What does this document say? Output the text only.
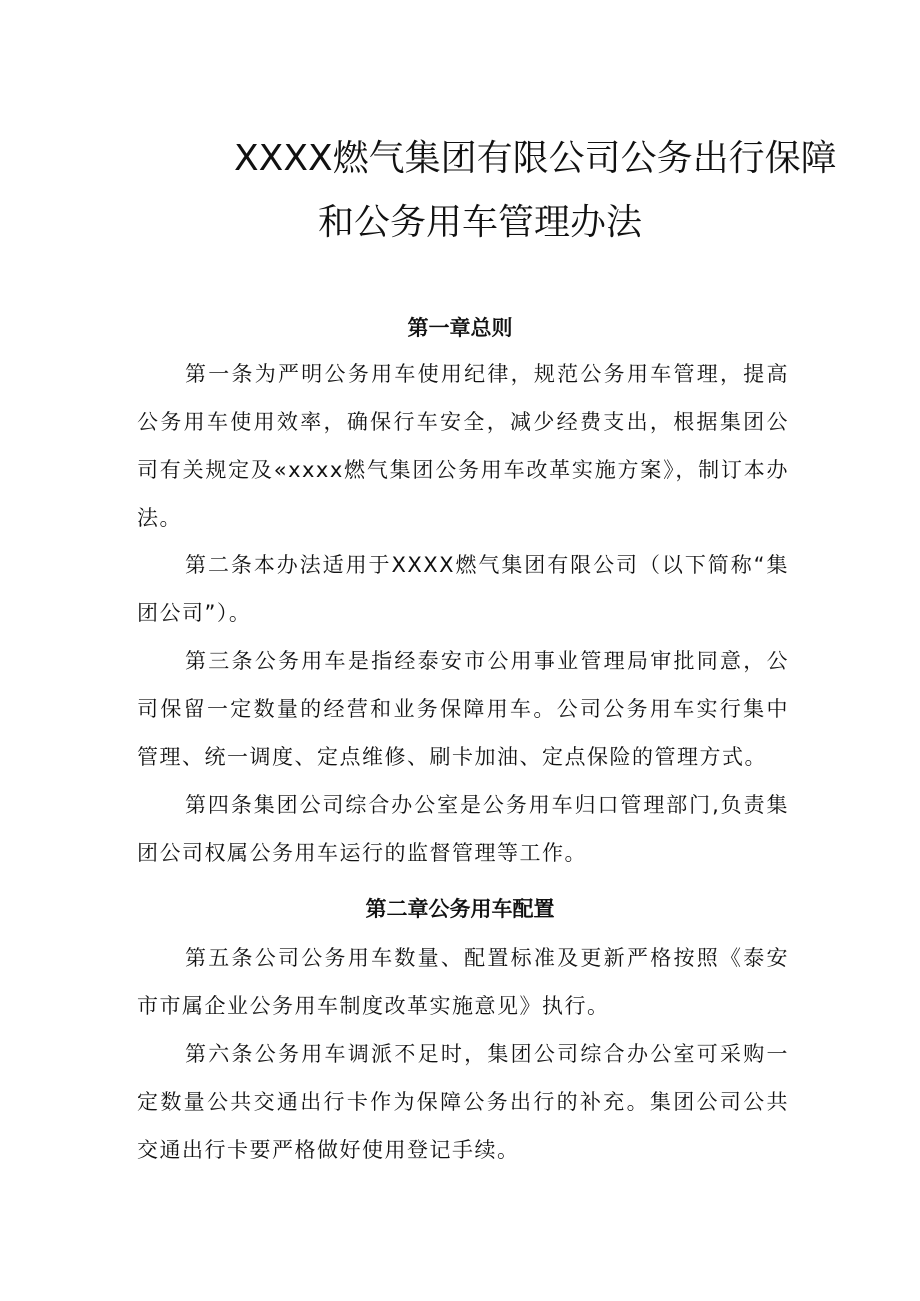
XXXX燃气集团有限公司公务出行保障
和公务用车管理办法
第一章总则
第一条为严明公务用车使用纪律，规范公务用车管理，提高公务用车使用效率，确保行车安全，减少经费支出，根据集团公司有关规定及«xxxx燃气集团公务用车改革实施方案》，制订本办法。
第二条本办法适用于XXXX燃气集团有限公司（以下简称“集团公司”）。
第三条公务用车是指经泰安市公用事业管理局审批同意，公司保留一定数量的经营和业务保障用车。公司公务用车实行集中管理、统一调度、定点维修、刷卡加油、定点保险的管理方式。
第四条集团公司综合办公室是公务用车归口管理部门,负责集团公司权属公务用车运行的监督管理等工作。
第二章公务用车配置
第五条公司公务用车数量、配置标准及更新严格按照《泰安市市属企业公务用车制度改革实施意见》执行。
第六条公务用车调派不足时，集团公司综合办公室可采购一定数量公共交通出行卡作为保障公务出行的补充。集团公司公共交通出行卡要严格做好使用登记手续。
